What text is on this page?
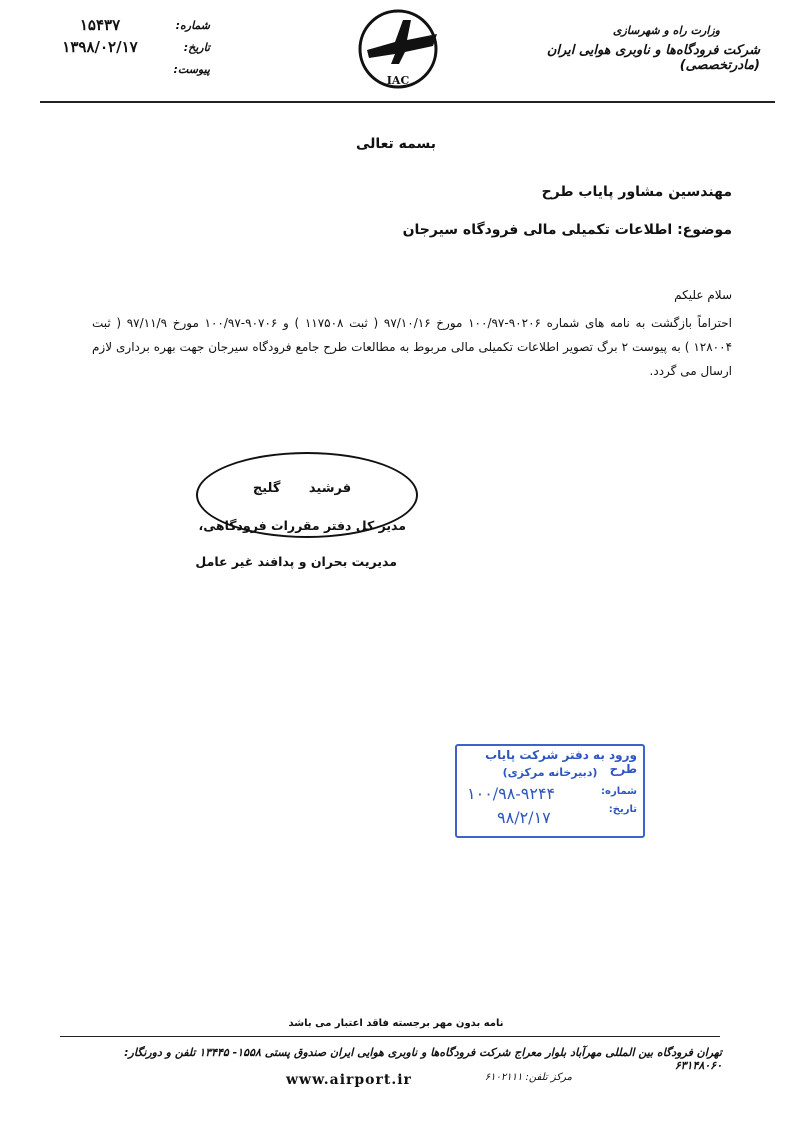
وزارت راه و شهرسازی
شرکت فرودگاه‌ها و ناوبری هوایی ایران (مادرتخصصی)
IAC
۱۵۴۳۷	شماره:
۱۳۹۸/۰۲/۱۷	تاریخ:
پیوست:
بسمه تعالی
مهندسین مشاور پایاب طرح
موضوع: اطلاعات تکمیلی مالی فرودگاه سیرجان
سلام علیکم
احتراماً بازگشت به نامه های شماره ۹۰۲۰۶-۱۰۰/۹۷ مورخ ۹۷/۱۰/۱۶ ( ثبت ۱۱۷۵۰۸ ) و ۹۰۷۰۶-۱۰۰/۹۷ مورخ ۹۷/۱۱/۹ ( ثبت ۱۲۸۰۰۴ ) به پیوست ۲ برگ تصویر اطلاعات تکمیلی مالی مربوط به مطالعات طرح جامع فرودگاه سیرجان جهت بهره برداری لازم ارسال می گردد.
فرشید گلیج
مدیر کل دفتر مقررات فرودگاهی،
مدیریت بحران و پدافند غیر عامل
ورود به دفتر شرکت پایاب طرح
(دبیرخانه مرکزی)
شماره:
تاریخ:
۱۰۰/۹۸-۹۲۴۴
۹۸/۲/۱۷
نامه بدون مهر برجسته فاقد اعتبار می باشد
تهران فرودگاه بین المللی مهرآباد بلوار معراج شرکت فرودگاه‌ها و ناوبری هوایی ایران صندوق پستی ۱۵۵۸- ۱۳۴۴۵ تلفن و دورنگار: ۶۳۱۴۸۰۶۰
مرکز تلفن: ۶۱۰۲۱۱۱
www.airport.ir
